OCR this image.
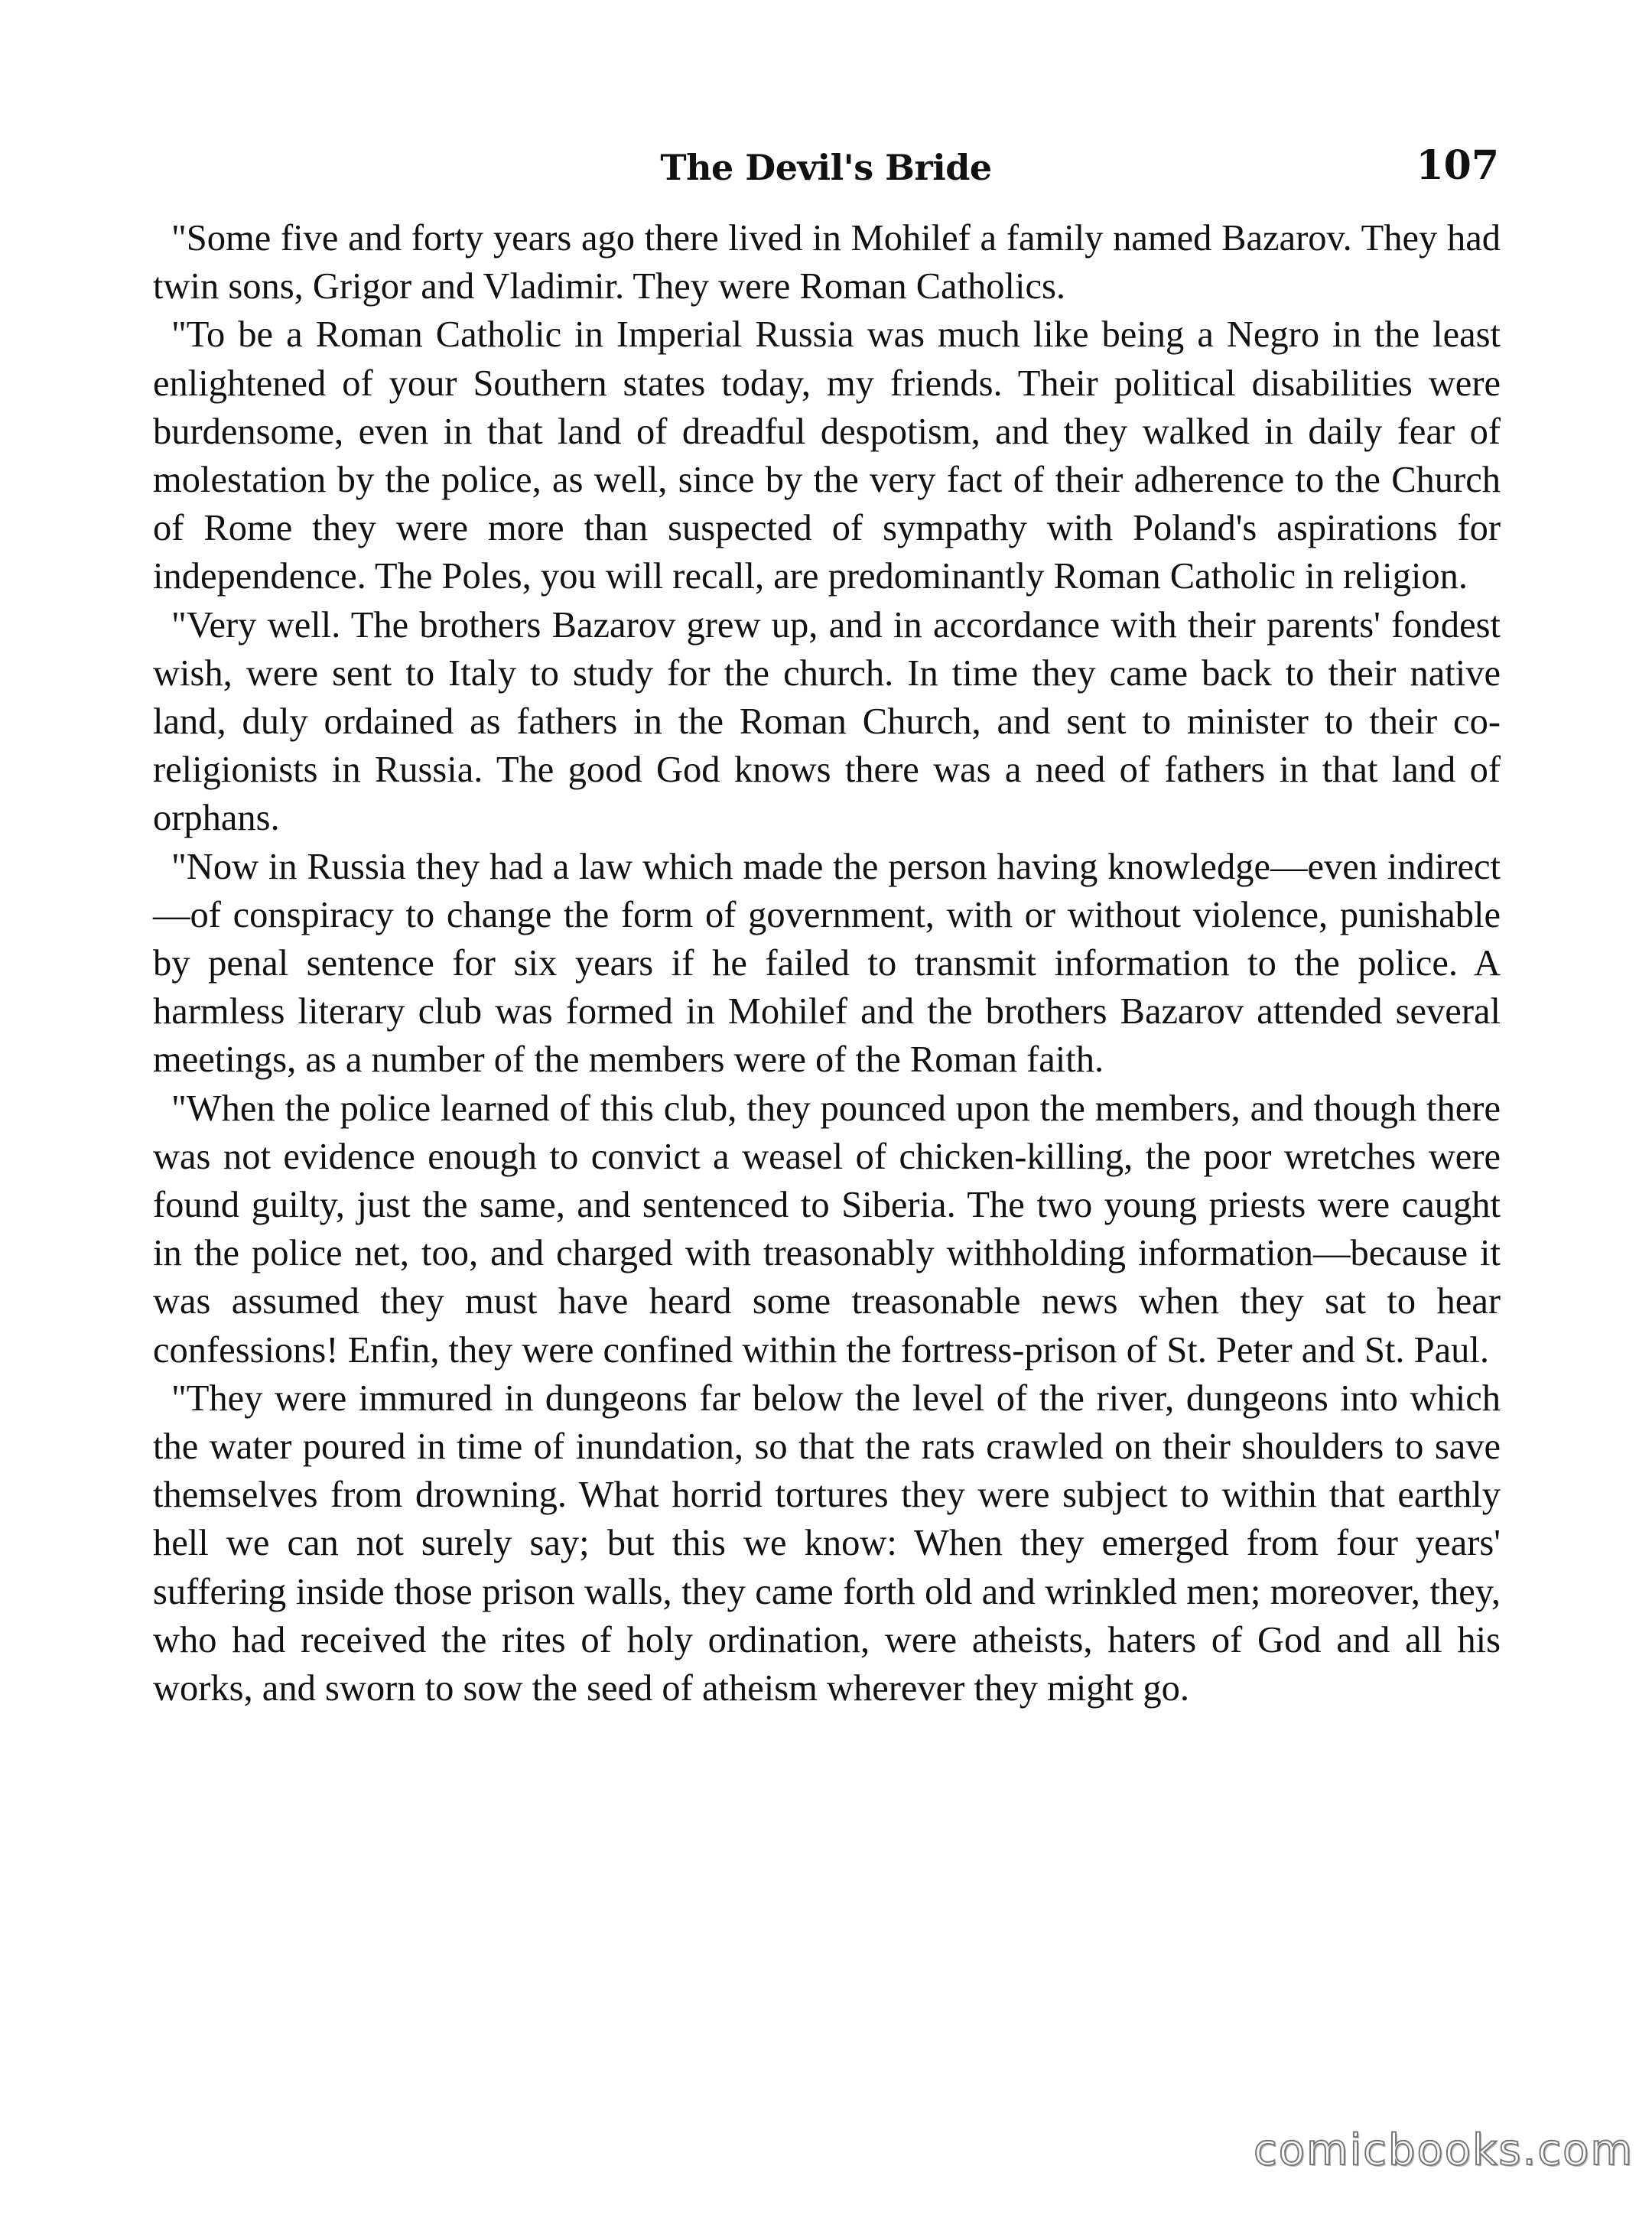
The Devil's Bride	107

"Some five and forty years ago there lived in Mohilef a family named Bazarov. They had twin sons, Grigor and Vladimir. They were Roman Catholics.

"To be a Roman Catholic in Imperial Russia was much like being a Negro in the least enlightened of your Southern states today, my friends. Their political disabilities were burdensome, even in that land of dreadful despotism, and they walked in daily fear of molestation by the police, as well, since by the very fact of their adherence to the Church of Rome they were more than suspected of sympathy with Poland's aspirations for independence. The Poles, you will recall, are predominantly Roman Catholic in religion.

"Very well. The brothers Bazarov grew up, and in accordance with their parents' fondest wish, were sent to Italy to study for the church. In time they came back to their native land, duly ordained as fathers in the Roman Church, and sent to minister to their co-religionists in Russia. The good God knows there was a need of fathers in that land of orphans.

"Now in Russia they had a law which made the person having knowledge—even indirect—of conspiracy to change the form of government, with or without violence, punishable by penal sentence for six years if he failed to transmit information to the police. A harmless literary club was formed in Mohilef and the brothers Bazarov attended several meetings, as a number of the members were of the Roman faith.

"When the police learned of this club, they pounced upon the members, and though there was not evidence enough to convict a weasel of chicken-killing, the poor wretches were found guilty, just the same, and sentenced to Siberia. The two young priests were caught in the police net, too, and charged with treasonably withholding information—because it was assumed they must have heard some treasonable news when they sat to hear confessions! Enfin, they were confined within the fortress-prison of St. Peter and St. Paul.

"They were immured in dungeons far below the level of the river, dungeons into which the water poured in time of inundation, so that the rats crawled on their shoulders to save themselves from drowning. What horrid tortures they were subject to within that earthly hell we can not surely say; but this we know: When they emerged from four years' suffering inside those prison walls, they came forth old and wrinkled men; moreover, they, who had received the rites of holy ordination, were atheists, haters of God and all his works, and sworn to sow the seed of atheism wherever they might go.

comicbooks.com
